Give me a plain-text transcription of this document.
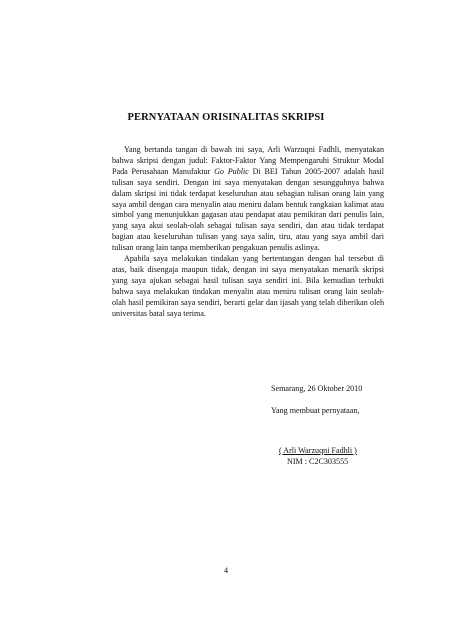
PERNYATAAN ORISINALITAS SKRIPSI

Yang bertanda tangan di bawah ini saya, Arli Warzuqni Fadhli, menyatakan bahwa skripsi dengan judul: Faktor-Faktor Yang Mempengaruhi Struktur Modal Pada Perusahaan Manufaktur Go Public Di BEI Tahun 2005-2007 adalah hasil tulisan saya sendiri. Dengan ini saya menyatakan dengan sesungguhnya bahwa dalam skripsi ini tidak terdapat keseluruhan atau sebagian tulisan orang lain yang saya ambil dengan cara menyalin atau meniru dalam bentuk rangkaian kalimat atau simbol yang menunjukkan gagasan atau pendapat atau pemikiran dari penulis lain, yang saya akui seolah-olah sebagai tulisan saya sendiri, dan atau tidak terdapat bagian atau keseluruhan tulisan yang saya salin, tiru, atau yang saya ambil dari tulisan orang lain tanpa memberikan pengakuan penulis aslinya.

Apabila saya melakukan tindakan yang bertentangan dengan hal tersebut di atas, baik disengaja maupun tidak, dengan ini saya menyatakan menarik skripsi yang saya ajukan sebagai hasil tulisan saya sendiri ini. Bila kemudian terbukti bahwa saya melakukan tindakan menyalin atau meniru tulisan orang lain seolah-olah hasil pemikiran saya sendiri, berarti gelar dan ijasah yang telah diberikan oleh universitas batal saya terima.

Semarang, 26 Oktober 2010
Yang membuat pernyataan,
( Arli Warzuqni Fadhli )
NIM : C2C303555
4
